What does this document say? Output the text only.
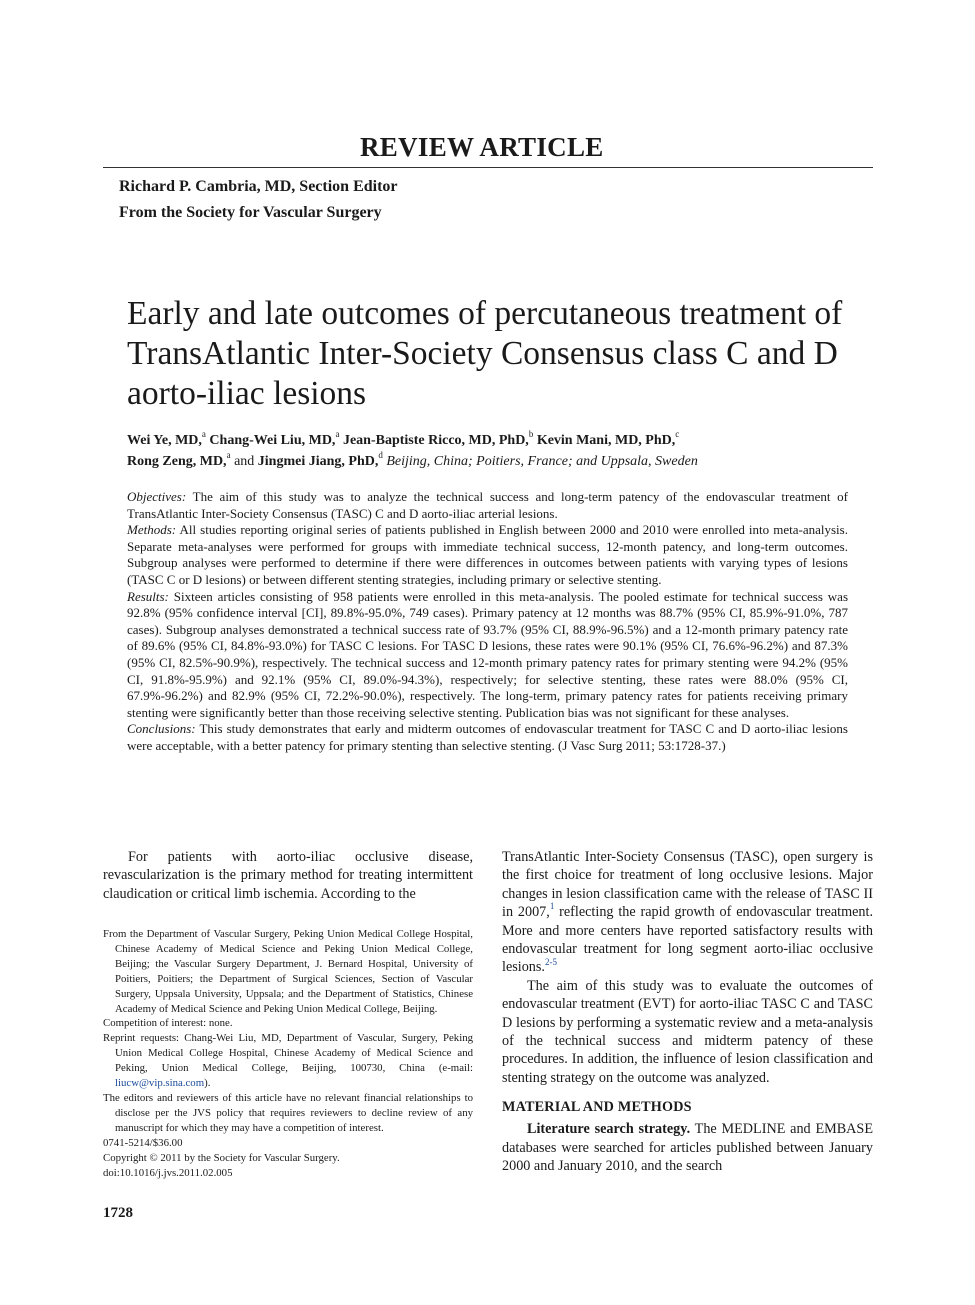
REVIEW ARTICLE
Richard P. Cambria, MD, Section Editor
From the Society for Vascular Surgery
Early and late outcomes of percutaneous treatment of TransAtlantic Inter-Society Consensus class C and D aorto-iliac lesions
Wei Ye, MD,$^a$ Chang-Wei Liu, MD,$^a$ Jean-Baptiste Ricco, MD, PhD,$^b$ Kevin Mani, MD, PhD,$^c$
Rong Zeng, MD,$^a$ and Jingmei Jiang, PhD,$^d$ Beijing, China; Poitiers, France; and Uppsala, Sweden

Objectives: The aim of this study was to analyze the technical success and long-term patency of the endovascular treatment of TransAtlantic Inter-Society Consensus (TASC) C and D aorto-iliac arterial lesions.

Methods: All studies reporting original series of patients published in English between 2000 and 2010 were enrolled into meta-analysis. Separate meta-analyses were performed for groups with immediate technical success, 12-month patency, and long-term outcomes. Subgroup analyses were performed to determine if there were differences in outcomes between patients with varying types of lesions (TASC C or D lesions) or between different stenting strategies, including primary or selective stenting.

Results: Sixteen articles consisting of 958 patients were enrolled in this meta-analysis. The pooled estimate for technical success was 92.8% (95% confidence interval [CI], 89.8%-95.0%, 749 cases). Primary patency at 12 months was 88.7% (95% CI, 85.9%-91.0%, 787 cases). Subgroup analyses demonstrated a technical success rate of 93.7% (95% CI, 88.9%-96.5%) and a 12-month primary patency rate of 89.6% (95% CI, 84.8%-93.0%) for TASC C lesions. For TASC D lesions, these rates were 90.1% (95% CI, 76.6%-96.2%) and 87.3% (95% CI, 82.5%-90.9%), respectively. The technical success and 12-month primary patency rates for primary stenting were 94.2% (95% CI, 91.8%-95.9%) and 92.1% (95% CI, 89.0%-94.3%), respectively; for selective stenting, these rates were 88.0% (95% CI, 67.9%-96.2%) and 82.9% (95% CI, 72.2%-90.0%), respectively. The long-term, primary patency rates for patients receiving primary stenting were significantly better than those receiving selective stenting. Publication bias was not significant for these analyses.

Conclusions: This study demonstrates that early and midterm outcomes of endovascular treatment for TASC C and D aorto-iliac lesions were acceptable, with a better patency for primary stenting than selective stenting. (J Vasc Surg 2011; 53:1728-37.)

For patients with aorto-iliac occlusive disease, revascularization is the primary method for treating intermittent claudication or critical limb ischemia. According to the

From the Department of Vascular Surgery, Peking Union Medical College Hospital, Chinese Academy of Medical Science and Peking Union Medical College, Beijing; the Vascular Surgery Department, J. Bernard Hospital, University of Poitiers, Poitiers; the Department of Surgical Sciences, Section of Vascular Surgery, Uppsala University, Uppsala; and the Department of Statistics, Chinese Academy of Medical Science and Peking Union Medical College, Beijing.

Competition of interest: none.

Reprint requests: Chang-Wei Liu, MD, Department of Vascular, Surgery, Peking Union Medical College Hospital, Chinese Academy of Medical Science and Peking, Union Medical College, Beijing, 100730, China (e-mail: liucw@vip.sina.com).

The editors and reviewers of this article have no relevant financial relationships to disclose per the JVS policy that requires reviewers to decline review of any manuscript for which they may have a competition of interest.

0741-5214/$36.00

Copyright © 2011 by the Society for Vascular Surgery.

doi:10.1016/j.jvs.2011.02.005

1728

TransAtlantic Inter-Society Consensus (TASC), open surgery is the first choice for treatment of long occlusive lesions. Major changes in lesion classification came with the release of TASC II in 2007,$^1$ reflecting the rapid growth of endovascular treatment. More and more centers have reported satisfactory results with endovascular treatment for long segment aorto-iliac occlusive lesions.$^{2-5}$

The aim of this study was to evaluate the outcomes of endovascular treatment (EVT) for aorto-iliac TASC C and TASC D lesions by performing a systematic review and a meta-analysis of the technical success and midterm patency of these procedures. In addition, the influence of lesion classification and stenting strategy on the outcome was analyzed.

MATERIAL AND METHODS

Literature search strategy. The MEDLINE and EMBASE databases were searched for articles published between January 2000 and January 2010, and the search
